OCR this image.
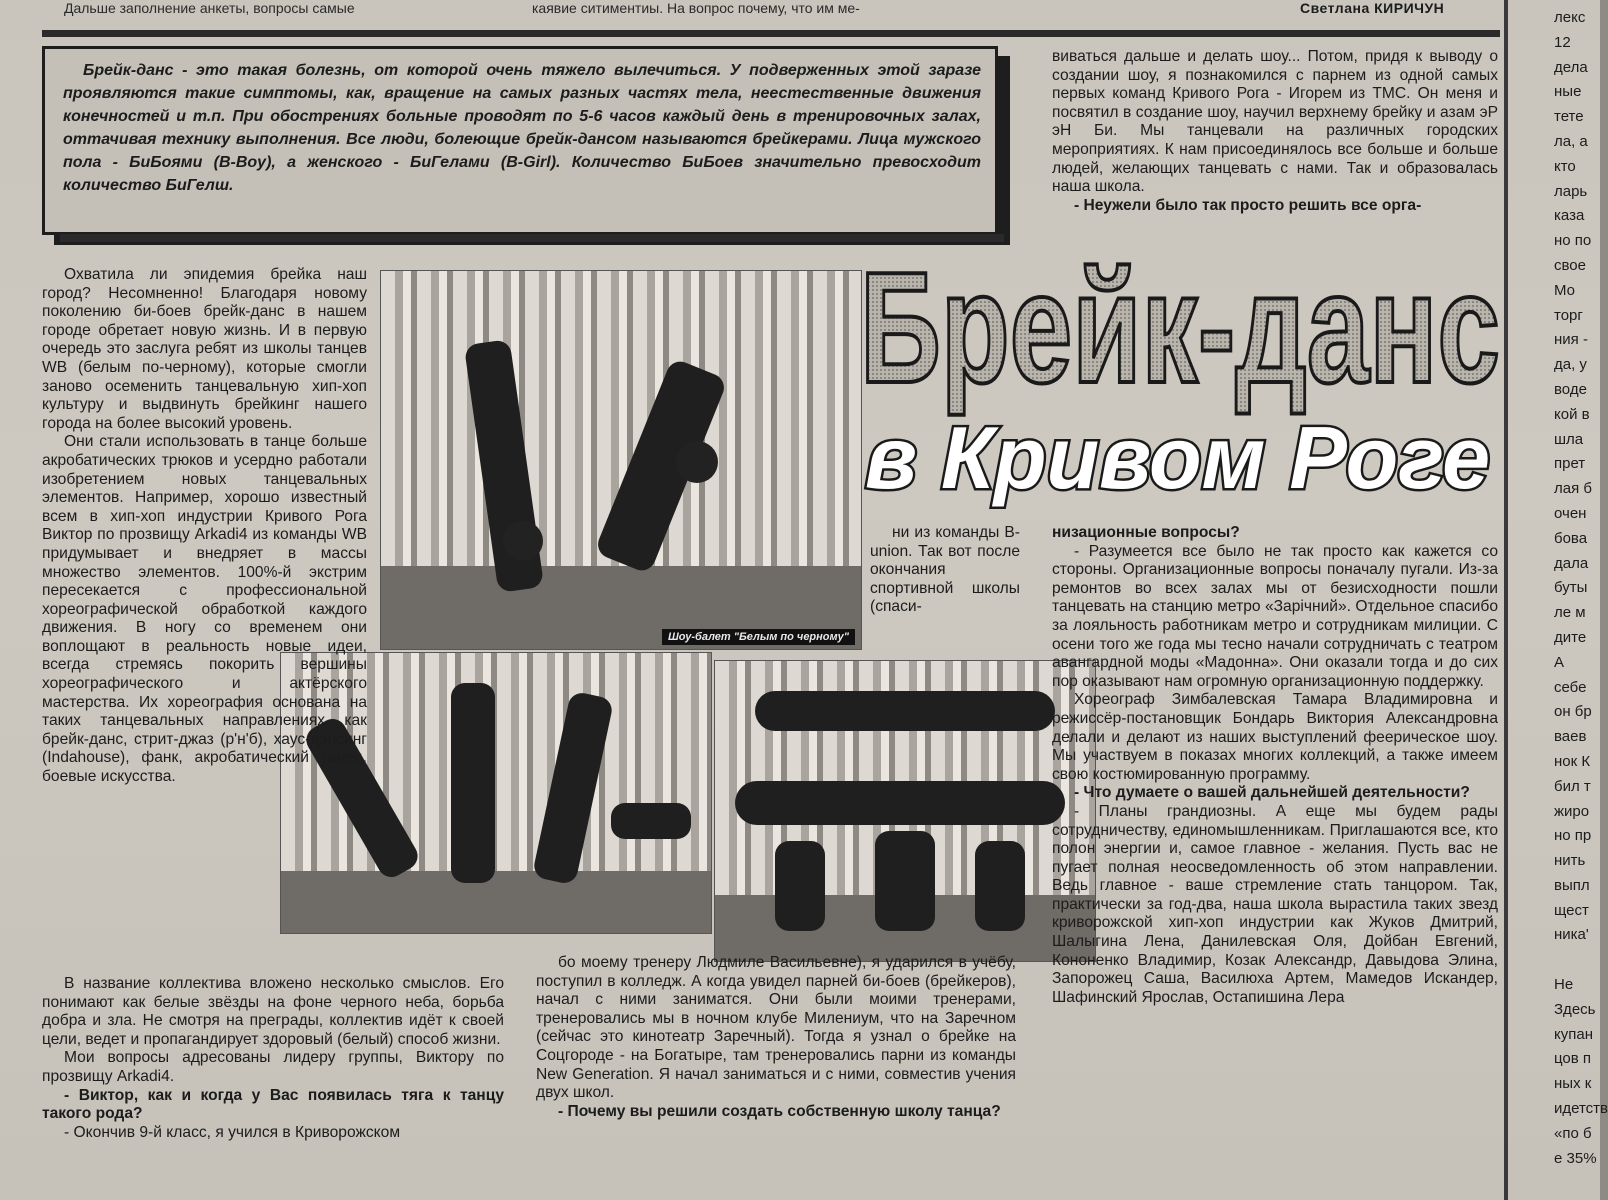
Дальше заполнение анкеты, вопросы самые	каявие ситиментиы. На вопрос почему, что им ме-	Светлана КИРИЧУН
Брейк-данс - это такая болезнь, от которой очень тяжело вылечиться. У подверженных этой заразе проявляются такие симптомы, как, вращение на самых разных частях тела, неестественные движения конечностей и т.п. При обострениях больные проводят по 5-6 часов каждый день в тренировочных залах, оттачивая технику выполнения. Все люди, болеющие брейк-дансом называются брейкерами. Лица мужского пола - БиБоями (B-Boy), а женского - БиГелами (B-Girl). Количество БиБоев значительно превосходит количество БиГелш.
Шоу-балет "Белым по черному"
Брейк-данс
в Кривом Роге

Охватила ли эпидемия брейка наш город? Несомненно! Благодаря новому поколению би-боев брейк-данс в нашем городе обретает новую жизнь. И в первую очередь это заслуга ребят из школы танцев WB (белым по-черному), которые смогли заново осеменить танцевальную хип-хоп культуру и выдвинуть брейкинг нашего города на более высокий уровень.

Они стали использовать в танце больше акробатических трюков и усердно работали изобретением новых танцевальных элементов. Например, хорошо известный всем в хип-хоп индустрии Кривого Рога Виктор по прозвищу Arkadi4 из команды WB придумывает и внедряет в массы множество элементов. 100%-й экстрим пересекается с профессиональной хореографической обработкой каждого движения. В ногу со временем они воплощают в реальность новые идеи, всегда стремясь покорить вершины хореографического и актёрского мастерства. Их хореография основана на таких танцевальных направлениях как брейк-данс, стрит-джаз (р'н'б), хаус-дэнсинг (Indahouse), фанк, акробатический танец, боевые искусства.

В название коллектива вложено несколько смыслов. Его понимают как белые звёзды на фоне черного неба, борьба добра и зла. Не смотря на преграды, коллектив идёт к своей цели, ведет и пропагандирует здоровый (белый) способ жизни.

Мои вопросы адресованы лидеру группы, Виктору по прозвищу Arkadi4.

- Виктор, как и когда у Вас появилась тяга к танцу такого рода?

- Окончив 9-й класс, я учился в Криворожском

ни из команды B-union. Так вот после окончания спортивной школы (спаси-

бо моему тренеру Людмиле Васильевне), я ударился в учёбу, поступил в колледж. А когда увидел парней би-боев (брейкеров), начал с ними заниматся. Они были моими тренерами, тренеровались мы в ночном клубе Милениум, что на Заречном (сейчас это кинотеатр Заречный). Тогда я узнал о брейке на Соцгороде - на Богатыре, там тренеровались парни из команды New Generation. Я начал заниматься и с ними, совместив учения двух школ.

- Почему вы решили создать собственную школу танца?

виваться дальше и делать шоу... Потом, придя к выводу о создании шоу, я познакомился с парнем из одной самых первых команд Кривого Рога - Игорем из ТМС. Он меня и посвятил в создание шоу, научил верхнему брейку и азам эР эН Би. Мы танцевали на различных городских мероприятиях. К нам присоединялось все больше и больше людей, желающих танцевать с нами. Так и образовалась наша школа.

- Неужели было так просто решить все орга-

низационные вопросы?

- Разумеется все было не так просто как кажется со стороны. Организационные вопросы поначалу пугали. Из-за ремонтов во всех залах мы от безисходности пошли танцевать на станцию метро «Зарічний». Отдельное спасибо за лояльность работникам метро и сотрудникам милиции. С осени того же года мы тесно начали сотрудничать с театром авангардной моды «Мадонна». Они оказали тогда и до сих пор оказывают нам огромную организационную поддержку.

Хореограф Зимбалевская Тамара Владимировна и режиссёр-постановщик Бондарь Виктория Александровна делали и делают из наших выступлений феерическое шоу. Мы участвуем в показах многих коллекций, а также имеем свою костюмированную программу.

- Что думаете о вашей дальнейшей деятельности?

- Планы грандиозны. А еще мы будем рады сотрудничеству, единомышленникам. Приглашаются все, кто полон энергии и, самое главное - желания. Пусть вас не пугает полная неосведомленность об этом направлении. Ведь главное - ваше стремление стать танцором. Так, практически за год-два, наша школа вырастила таких звезд криворожской хип-хоп индустрии как Жуков Дмитрий, Шалыгина Лена, Данилевская Оля, Дойбан Евгений, Кононенко Владимир, Козак Александр, Давыдова Элина, Запорожец Саша, Василюха Артем, Мамедов Искандер, Шафинский Ярослав, Остапишина Лера

лекс
12
дела
ные
тете
ла, а
кто
ларь
каза
но по
свое
Мо
торг
ния -
да, у
воде
кой в
шла
прет
лая б
очен
бова
дала
буты
ле м
дите
А
себе
он бр
ваев
нок К
бил т
жиро
но пр
нить
выпл
щест
ника'
Не
Здесь
купан
цов п
ных к
идетств
«по б
е 35%
